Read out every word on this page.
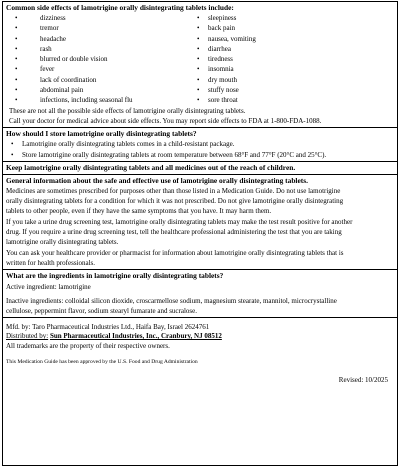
Common side effects of lamotrigine orally disintegrating tablets include:
•	dizziness
•	tremor
•	headache
•	rash
•	blurred or double vision
•	fever
•	lack of coordination
•	abdominal pain
•	infections, including seasonal flu
•	sleepiness
•	back pain
•	nausea, vomiting
•	diarrhea
•	tiredness
•	insomnia
•	dry mouth
•	stuffy nose
•	sore throat
These are not all the possible side effects of lamotrigine orally disintegrating tablets.
Call your doctor for medical advice about side effects. You may report side effects to FDA at 1-800-FDA-1088.
How should I store lamotrigine orally disintegrating tablets?
•	Lamotrigine orally disintegrating tablets comes in a child-resistant package.
•	Store lamotrigine orally disintegrating tablets at room temperature between 68°F and 77°F (20°C and 25°C).
Keep lamotrigine orally disintegrating tablets and all medicines out of the reach of children.
General information about the safe and effective use of lamotrigine orally disintegrating tablets.
Medicines are sometimes prescribed for purposes other than those listed in a Medication Guide. Do not use lamotrigine
orally disintegrating tablets for a condition for which it was not prescribed. Do not give lamotrigine orally disintegrating
tablets to other people, even if they have the same symptoms that you have. It may harm them.
If you take a urine drug screening test, lamotrigine orally disintegrating tablets may make the test result positive for another
drug. If you require a urine drug screening test, tell the healthcare professional administering the test that you are taking
lamotrigine orally disintegrating tablets.
You can ask your healthcare provider or pharmacist for information about lamotrigine orally disintegrating tablets that is
written for health professionals.
What are the ingredients in lamotrigine orally disintegrating tablets?
Active ingredient: lamotrigine
Inactive ingredients: colloidal silicon dioxide, croscarmellose sodium, magnesium stearate, mannitol, microcrystalline
cellulose, peppermint flavor, sodium stearyl fumarate and sucralose.
Mfd. by: Taro Pharmaceutical Industries Ltd., Haifa Bay, Israel 2624761
Distributed by: Sun Pharmaceutical Industries, Inc., Cranbury, NJ 08512
All trademarks are the property of their respective owners.
This Medication Guide has been approved by the U.S. Food and Drug Administration
Revised: 10/2025
